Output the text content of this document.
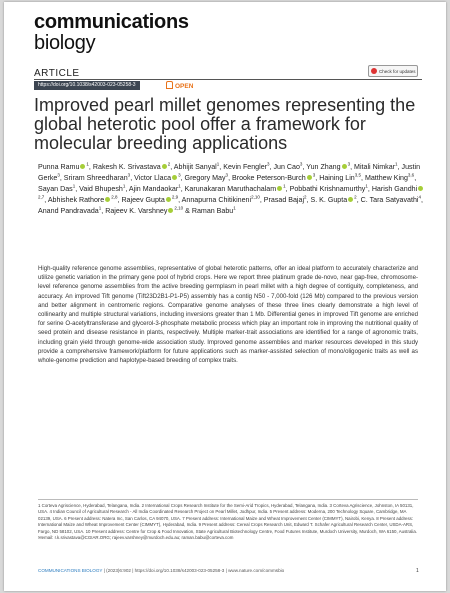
communications
biology
ARTICLE	Check for updates
https://doi.org/10.1038/s42003-023-05258-3	OPEN
Improved pearl millet genomes representing the global heterotic pool offer a framework for molecular breeding applications
Punna Ramu $^1$, Rakesh K. Srivastava $^2$, Abhijit Sanyal$^1$, Kevin Fengler$^3$, Jun Cao$^3$, Yun Zhang $^3$, Mitali Nimkar$^1$, Justin Gerke$^3$, Sriram Shreedharan$^3$, Victor Llaca $^3$, Gregory May$^3$, Brooke Peterson-Burch $^3$, Haining Lin$^{3,5}$, Matthew King$^{3,6}$, Sayan Das$^1$, Vaid Bhupesh$^1$, Ajin Mandaokar$^1$, Karunakaran Maruthachalam $^1$, Pobbathi Krishnamurthy$^1$, Harish Gandhi$^{2,7}$, Abhishek Rathore $^{2,8}$, Rajeev Gupta $^{2,9}$, Annapurna Chitikineni$^{2,10}$, Prasad Bajaj$^2$, S. K. Gupta $^2$, C. Tara Satyavathi$^4$, Anand Pandravada$^1$, Rajeev K. Varshney $^{2,10}$ & Raman Babu$^1$
High-quality reference genome assemblies, representative of global heterotic patterns, offer an ideal platform to accurately characterize and utilize genetic variation in the primary gene pool of hybrid crops. Here we report three platinum grade de-novo, near gap-free, chromosome-level reference genome assemblies from the active breeding germplasm in pearl millet with a high degree of contiguity, completeness, and accuracy. An improved Tift genome (Tift23D2B1-P1-P5) assembly has a contig N50 - 7,000-fold (126 Mb) compared to the previous version and better alignment in centromeric regions. Comparative genome analyses of these three lines clearly demonstrate a high level of collinearity and multiple structural variations, including inversions greater than 1 Mb. Differential genes in improved Tift genome are enriched for serine O-acetyltransferase and glycerol-3-phosphate metabolic process which play an important role in improving the nutritional quality of seed protein and disease resistance in plants, respectively. Multiple marker-trait associations are identified for a range of agronomic traits, including grain yield through genome-wide association study. Improved genome assemblies and marker resources developed in this study provide a comprehensive framework/platform for future applications such as marker-assisted selection of mono/oligogenic traits as well as whole-genome prediction and haplotype-based breeding of complex traits.
1 Corteva Agriscience, Hyderabad, Telangana, India. 2 International Crops Research Institute for the Semi-Arid Tropics, Hyderabad, Telangana, India. 3 Corteva Agriscience, Johnston, IA 50131, USA. 4 Indian Council of Agricultural Research - All India Coordinated Research Project on Pearl Millet, Jodhpur, India. 5 Present address: Moderna, 200 Technology Square, Cambridge, MA 02139, USA. 6 Present address: Natera Inc, San Carlos, CA 94070, USA. 7 Present address: International Maize and Wheat Improvement Center (CIMMYT), Nairobi, Kenya. 8 Present address: International Maize and Wheat Improvement Center (CIMMYT), Hyderabad, India. 9 Present address: Cereal Crops Research Unit, Edward T. Schafer Agricultural Research Center, USDA-ARS, Fargo, ND 58102, USA. 10 Present address: Centre for Crop & Food Innovation, State Agricultural Biotechnology Centre, Food Futures Institute, Murdoch University, Murdoch, WA 6150, Australia. ✉email: r.k.srivastava@CGIAR.ORG; rajeev.varshney@murdoch.edu.au; raman.babu@corteva.com
COMMUNICATIONS BIOLOGY | (2023)6:902 | https://doi.org/10.1038/s42003-023-05258-3 | www.nature.com/commsbio	1
